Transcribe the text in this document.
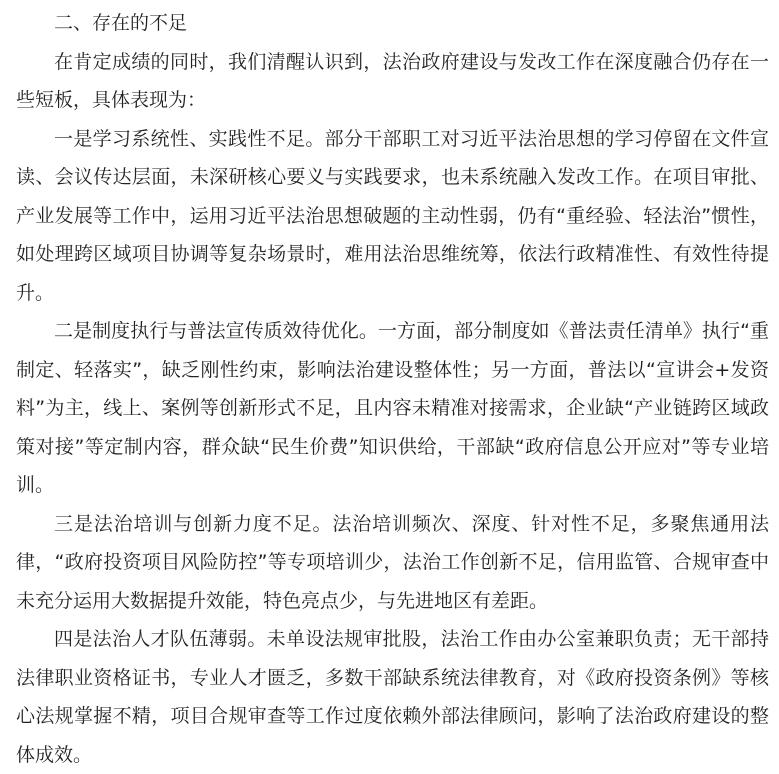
二、存在的不足

在肯定成绩的同时，我们清醒认识到，法治政府建设与发改工作在深度融合仍存在一些短板，具体表现为：

一是学习系统性、实践性不足。部分干部职工对习近平法治思想的学习停留在文件宣读、会议传达层面，未深研核心要义与实践要求，也未系统融入发改工作。在项目审批、产业发展等工作中，运用习近平法治思想破题的主动性弱，仍有“重经验、轻法治”惯性，如处理跨区域项目协调等复杂场景时，难用法治思维统筹，依法行政精准性、有效性待提升。

二是制度执行与普法宣传质效待优化。一方面，部分制度如《普法责任清单》执行“重制定、轻落实”，缺乏刚性约束，影响法治建设整体性；另一方面，普法以“宣讲会+发资料”为主，线上、案例等创新形式不足，且内容未精准对接需求，企业缺“产业链跨区域政策对接”等定制内容，群众缺“民生价费”知识供给，干部缺“政府信息公开应对”等专业培训。

三是法治培训与创新力度不足。法治培训频次、深度、针对性不足，多聚焦通用法律，“政府投资项目风险防控”等专项培训少，法治工作创新不足，信用监管、合规审查中未充分运用大数据提升效能，特色亮点少，与先进地区有差距。

四是法治人才队伍薄弱。未单设法规审批股，法治工作由办公室兼职负责；无干部持法律职业资格证书，专业人才匮乏，多数干部缺系统法律教育，对《政府投资条例》等核心法规掌握不精，项目合规审查等工作过度依赖外部法律顾问，影响了法治政府建设的整体成效。
